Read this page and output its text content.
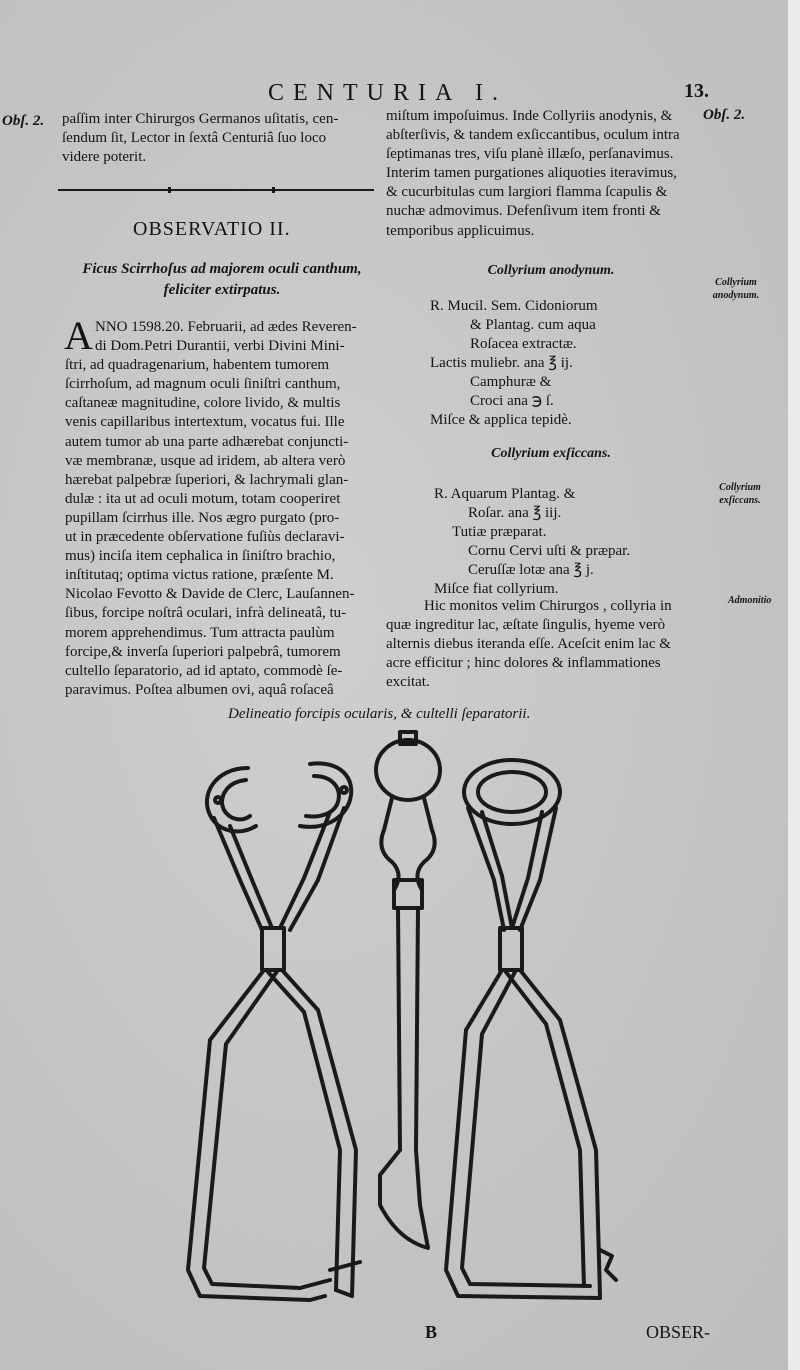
CENTURIA I.	13.
Obſ. 2.	Obſ. 2.
Collyrium
anodynum.
Collyrium
exſiccans.
Admonitio

paſſim inter Chirurgos Germanos uſitatis, cen-

ſendum ſit, Lector in ſextâ Centuriâ ſuo loco

videre poterit.

OBSERVATIO II.
Ficus Scirrhoſus ad majorem oculi canthum, feliciter extirpatus.
A NNO 1598.20. Februarii, ad ædes Reveren-

di Dom.Petri Durantii, verbi Divini Mini-

ſtri, ad quadragenarium, habentem tumorem

ſcirrhoſum, ad magnum oculi ſiniſtri canthum,

caſtaneæ magnitudine, colore livido, & multis

venis capillaribus intertextum, vocatus fui. Ille

autem tumor ab una parte adhærebat conjuncti-

væ membranæ, usque ad iridem, ab altera verò

hærebat palpebræ ſuperiori, & lachrymali glan-

dulæ : ita ut ad oculi motum, totam cooperiret

pupillam ſcirrhus ille. Nos ægro purgato (pro-

ut in præcedente obſervatione fuſiùs declaravi-

mus) inciſa item cephalica in ſiniſtro brachio,

inſtitutaq; optima victus ratione, præſente M.

Nicolao Fevotto & Davide de Clerc, Lauſannen-

ſibus, forcipe noſtrâ oculari, infrà delineatâ, tu-

morem apprehendimus. Tum attracta paulùm

forcipe,& inverſa ſuperiori palpebrâ, tumorem

cultello ſeparatorio, ad id aptato, commodè ſe-

paravimus. Poſtea albumen ovi, aquâ roſaceâ

miſtum impoſuimus. Inde Collyriis anodynis, &

abſterſivis, & tandem exſiccantibus, oculum intra

ſeptimanas tres, viſu planè illæſo, perſanavimus.

Interim tamen purgationes aliquoties iteravimus,

& cucurbitulas cum largiori flamma ſcapulis &

nuchæ admovimus. Defenſivum item fronti &

temporibus applicuimus.

Collyrium anodynum.
R. Mucil. Sem. Cidoniorum
& Plantag. cum aqua
Roſacea extractæ.
Lactis muliebr. ana ℥ ij.
Camphuræ &
Croci ana ℈ ſ.
Miſce & applica tepidè.
Collyrium exſiccans.
R. Aquarum Plantag. &
Roſar. ana ℥ iij.
Tutiæ præparat.
Cornu Cervi uſti & præpar.
Ceruſſæ lotæ ana ℥ j.
Miſce fiat collyrium.

Hic monitos velim Chirurgos , collyria in

quæ ingreditur lac, æſtate ſingulis, hyeme verò

alternis diebus iteranda eſſe. Aceſcit enim lac &

acre efficitur ; hinc dolores & inflammationes

excitat.

Delineatio forcipis ocularis, & cultelli ſeparatorii.
B	OBSER-
